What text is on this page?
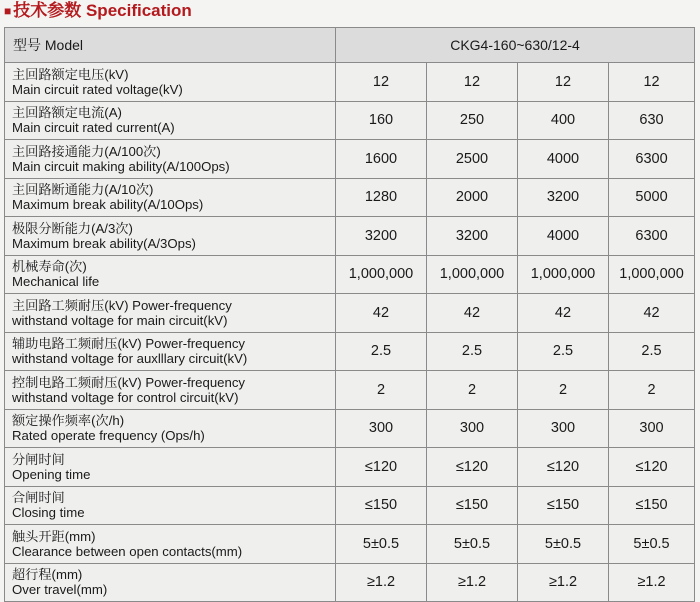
■ 技术参数 Specification
型号 Model	CKG4-160~630/12-4			

主回路额定电压(kV)
Main circuit rated voltage(kV)	12	12	12	12

主回路额定电流(A)
Main circuit rated current(A)	160	250	400	630

主回路接通能力(A/100次)
Main circuit making ability(A/100Ops)	1600	2500	4000	6300

主回路断通能力(A/10次)
Maximum break ability(A/10Ops)	1280	2000	3200	5000

极限分断能力(A/3次)
Maximum break ability(A/3Ops)	3200	3200	4000	6300

机械寿命(次)
Mechanical life	1,000,000	1,000,000	1,000,000	1,000,000

主回路工频耐压(kV) Power-frequency
withstand voltage for main circuit(kV)	42	42	42	42

辅助电路工频耐压(kV) Power-frequency
withstand voltage for auxlllary circuit(kV)	2.5	2.5	2.5	2.5

控制电路工频耐压(kV) Power-frequency
withstand voltage for control circuit(kV)	2	2	2	2

额定操作频率(次/h)
Rated operate frequency (Ops/h)	300	300	300	300

分闸时间
Opening time	≤120	≤120	≤120	≤120

合闸时间
Closing time	≤150	≤150	≤150	≤150

触头开距(mm)
Clearance between open contacts(mm)	5±0.5	5±0.5	5±0.5	5±0.5

超行程(mm)
Over travel(mm)	≥1.2	≥1.2	≥1.2	≥1.2
